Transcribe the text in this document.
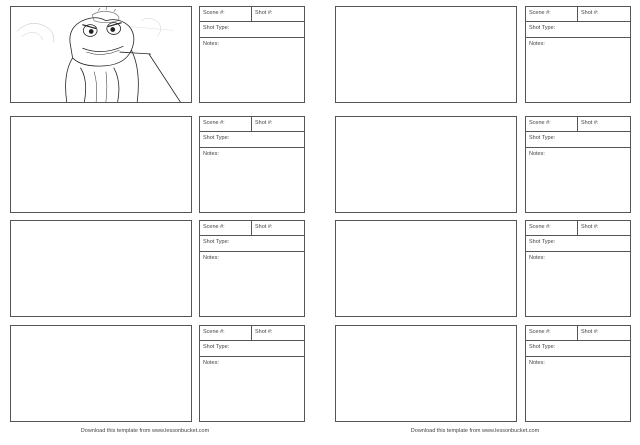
Scene #:	Shot #:
Shot Type:
Notes:
Scene #:	Shot #:
Shot Type:
Notes:
Scene #:	Shot #:
Shot Type:
Notes:
Scene #:	Shot #:
Shot Type:
Notes:
Download this template from www.lessonbucket.com
Scene #:	Shot #:
Shot Type:
Notes:
Scene #:	Shot #:
Shot Type:
Notes:
Scene #:	Shot #:
Shot Type:
Notes:
Scene #:	Shot #:
Shot Type:
Notes:
Download this template from www.lessonbucket.com
